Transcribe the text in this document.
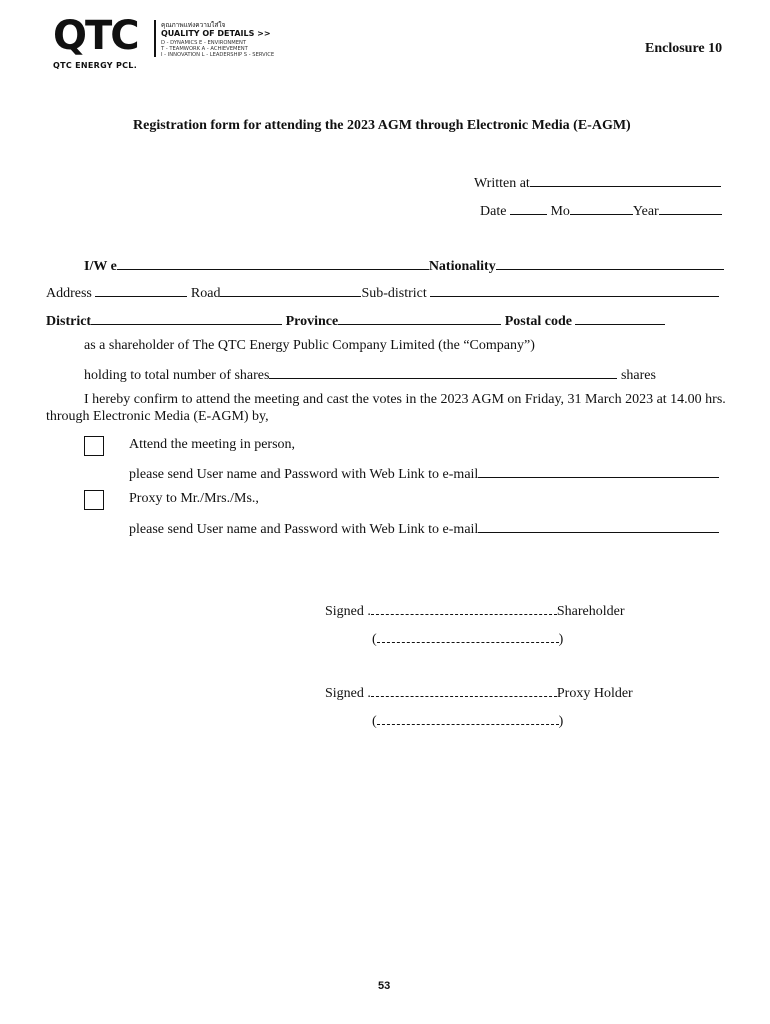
QTC
QTC ENERGY PCL.
คุณภาพแห่งความใส่ใจ
QUALITY OF DETAILS >>
D - DYNAMICS E - ENVIRONMENT
T - TEAMWORK A - ACHIEVEMENT
I - INNOVATION L - LEADERSHIP S - SERVICE	Enclosure 10
Registration form for attending the 2023 AGM through Electronic Media (E-AGM)
Written at
Date	Mo	Year
I/W e	Nationality
Address	Road	Sub-district
District	Province	Postal code
as a shareholder of The QTC Energy Public Company Limited (the “Company”)
holding to total number of shares	shares
I hereby confirm to attend the meeting and cast the votes in the 2023 AGM on Friday, 31 March 2023 at 14.00 hrs.
through Electronic Media (E-AGM) by,
Attend the meeting in person,
please send User name and Password with Web Link to e-mail
Proxy to Mr./Mrs./Ms.,
please send User name and Password with Web Link to e-mail
Signed .	Shareholder
(	)
Signed .	Proxy Holder
(	)
53
